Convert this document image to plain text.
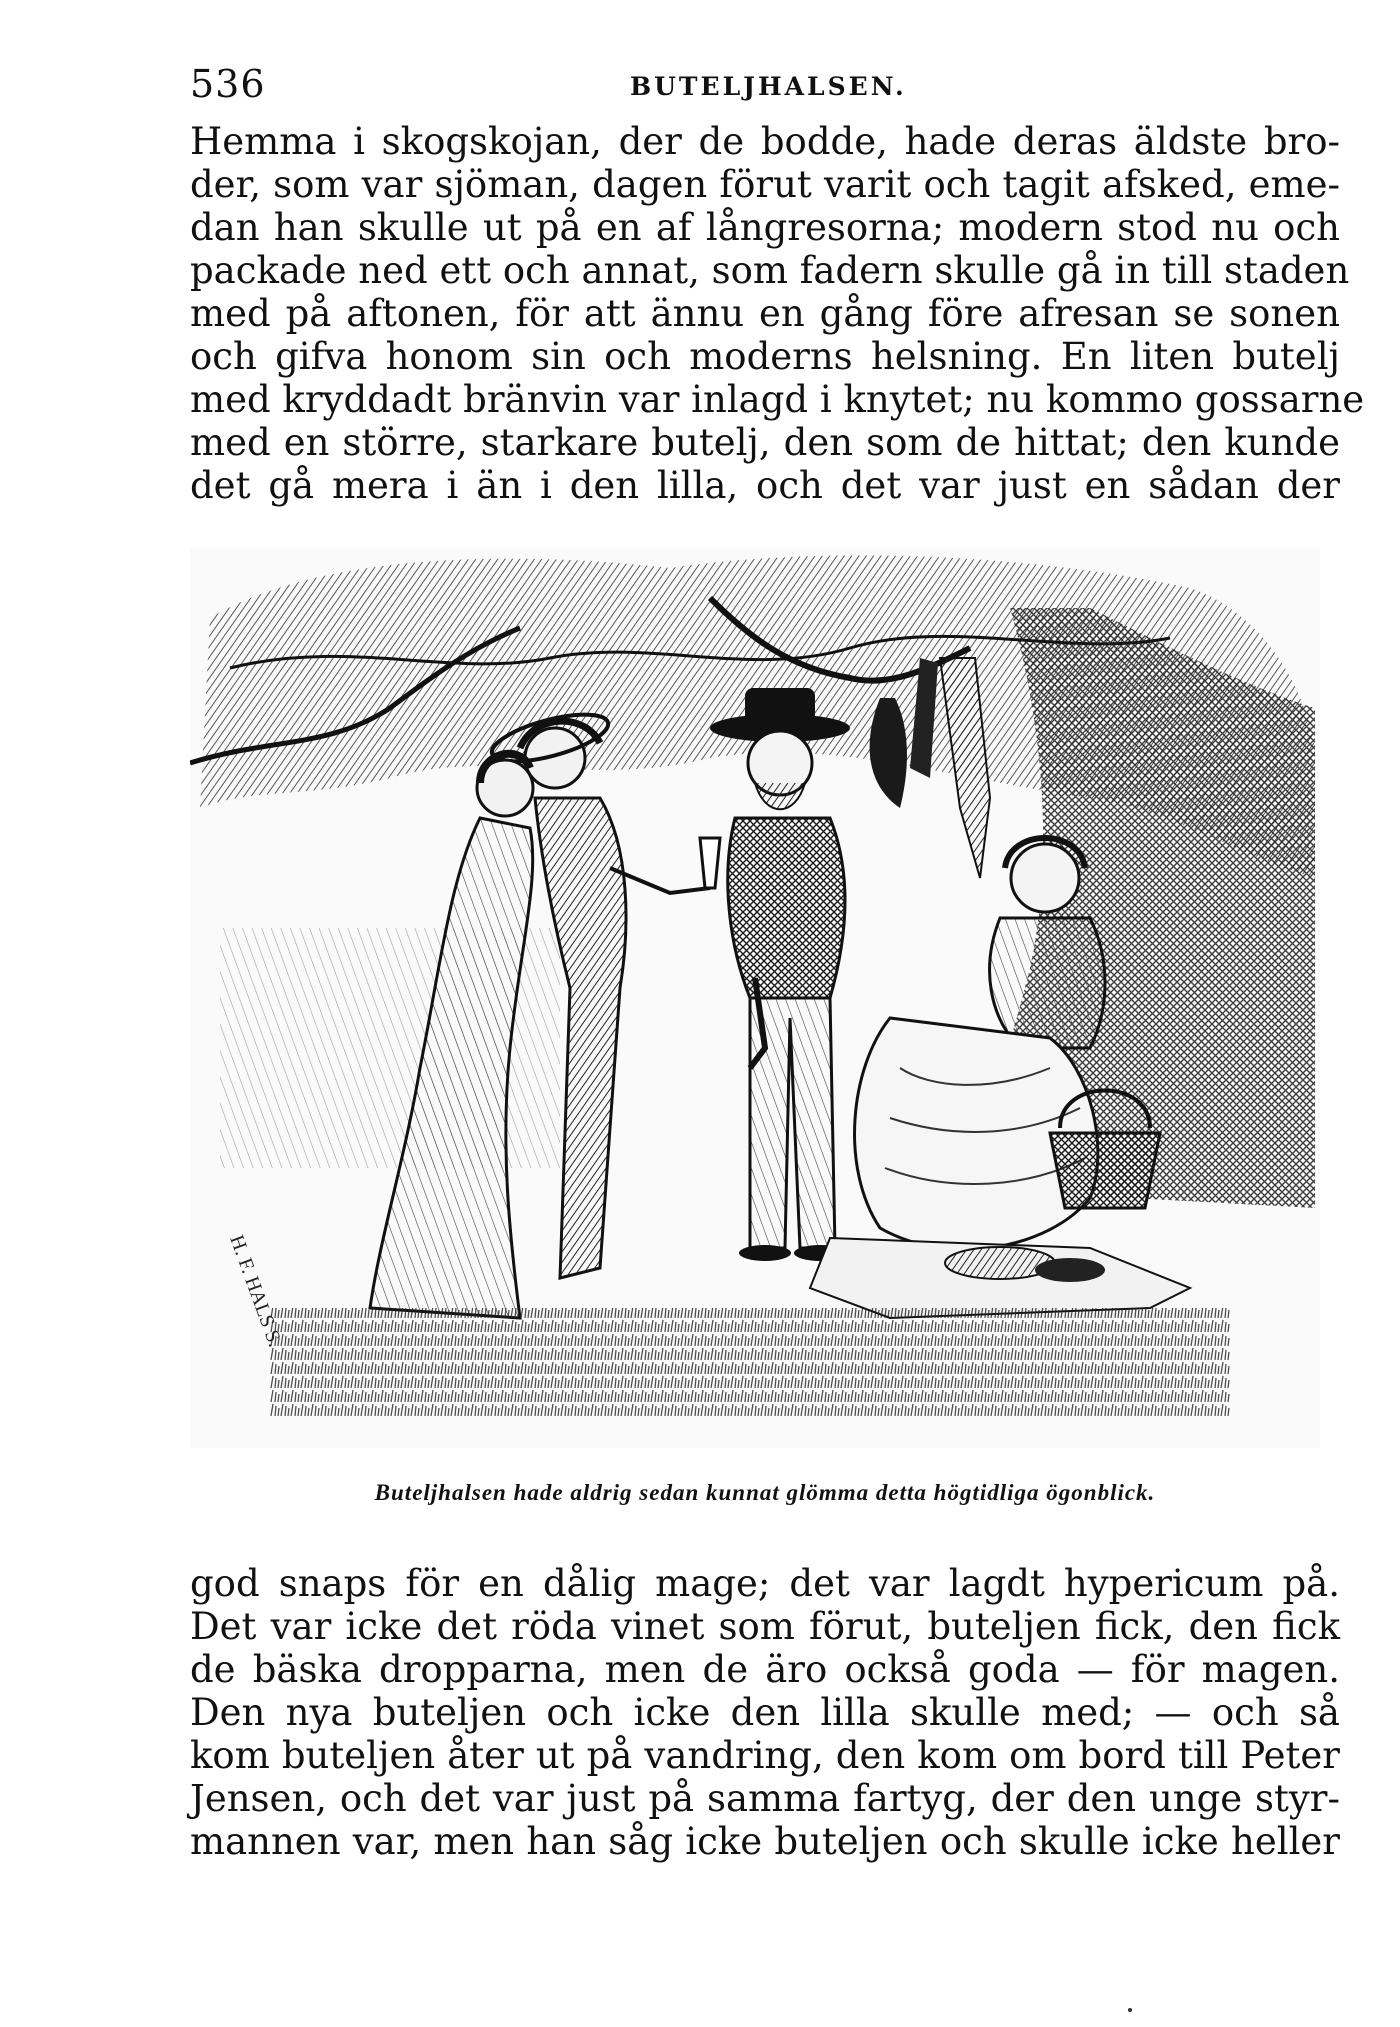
536	BUTELJHALSEN.
Hemma i skogskojan, der de bodde, hade deras äldste bro-
der, som var sjöman, dagen förut varit och tagit afsked, eme-
dan han skulle ut på en af långresorna; modern stod nu och
packade ned ett och annat, som fadern skulle gå in till staden
med på aftonen, för att ännu en gång före afresan se sonen
och gifva honom sin och moderns helsning. En liten butelj
med kryddadt bränvin var inlagd i knytet; nu kommo gossarne
med en större, starkare butelj, den som de hittat; den kunde
det gå mera i än i den lilla, och det var just en sådan der
H. F. HALS S.
Buteljhalsen hade aldrig sedan kunnat glömma detta högtidliga ögonblick.
god snaps för en dålig mage; det var lagdt hypericum på.
Det var icke det röda vinet som förut, buteljen fick, den fick
de bäska dropparna, men de äro också goda — för magen.
Den nya buteljen och icke den lilla skulle med; — och så
kom buteljen åter ut på vandring, den kom om bord till Peter
Jensen, och det var just på samma fartyg, der den unge styr-
mannen var, men han såg icke buteljen och skulle icke heller
